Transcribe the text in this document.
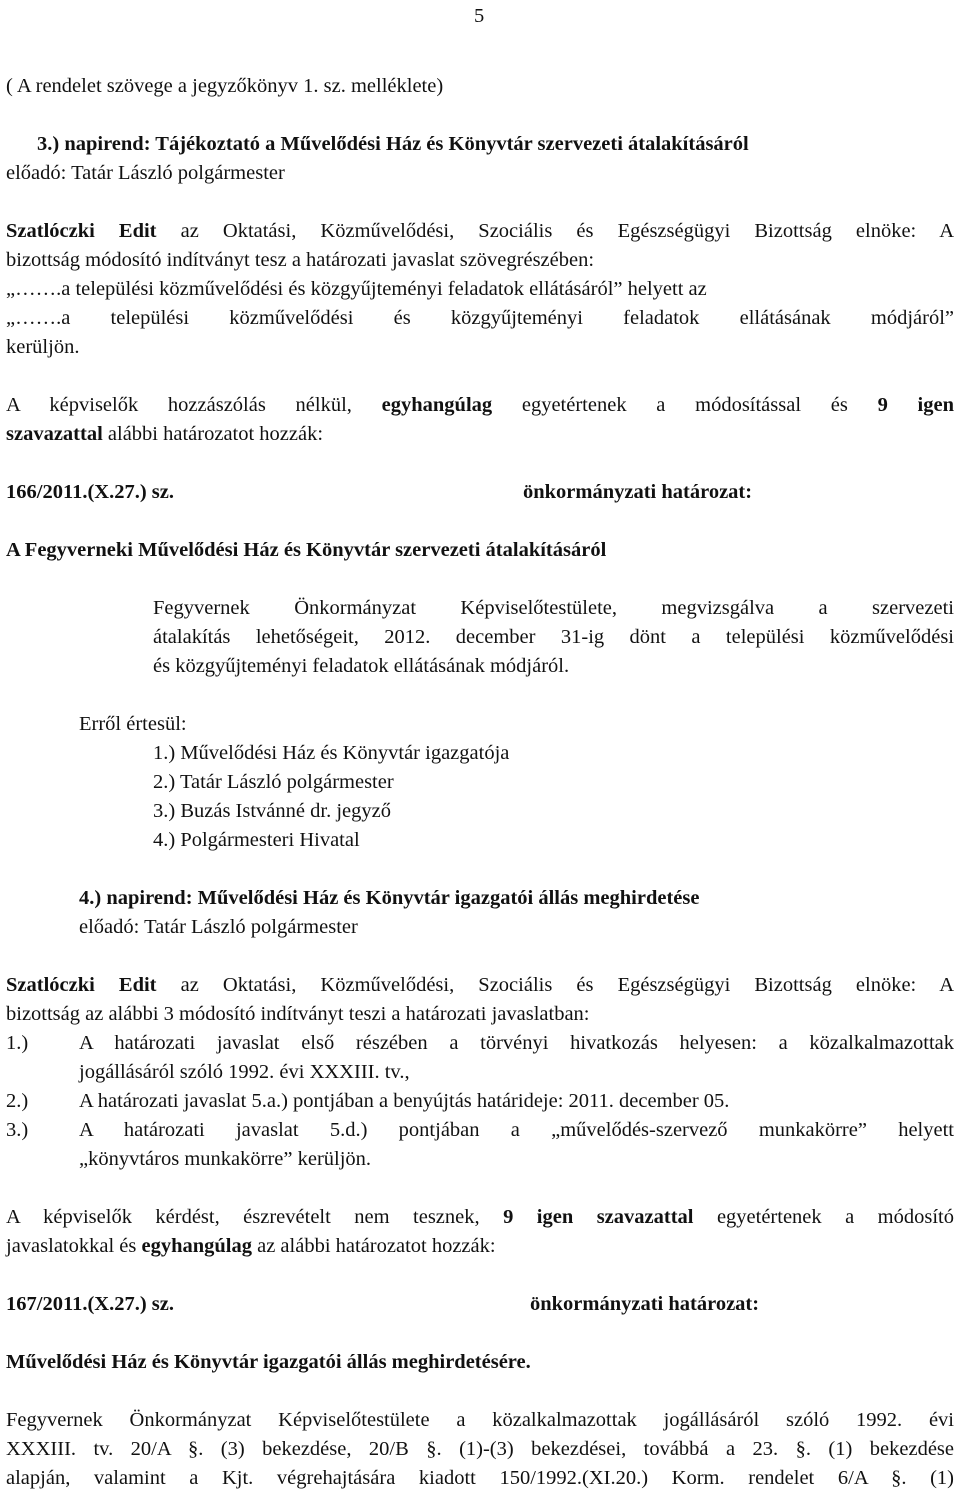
5
( A rendelet szövege a jegyzőkönyv 1. sz. melléklete)
3.) napirend: Tájékoztató a Művelődési Ház és Könyvtár szervezeti átalakításáról
előadó: Tatár László polgármester
Szatlóczki Edit az Oktatási, Közművelődési, Szociális és Egészségügyi Bizottság elnöke: A
bizottság módosító indítványt tesz a határozati javaslat szövegrészében:
„…….a települési közművelődési és közgyűjteményi feladatok ellátásáról” helyett az
„…….a települési közművelődési és közgyűjteményi feladatok ellátásának módjáról”
kerüljön.
A képviselők hozzászólás nélkül, egyhangúlag egyetértenek a módosítással és 9 igen
szavazattal alábbi határozatot hozzák:
166/2011.(X.27.) sz.	önkormányzati határozat:
A Fegyverneki Művelődési Ház és Könyvtár szervezeti átalakításáról
Fegyvernek Önkormányzat Képviselőtestülete, megvizsgálva a szervezeti
átalakítás lehetőségeit, 2012. december 31-ig dönt a települési közművelődési
és közgyűjteményi feladatok ellátásának módjáról.
Erről értesül:
1.) Művelődési Ház és Könyvtár igazgatója
2.) Tatár László polgármester
3.) Buzás Istvánné dr. jegyző
4.) Polgármesteri Hivatal
4.) napirend: Művelődési Ház és Könyvtár igazgatói állás meghirdetése
előadó: Tatár László polgármester
Szatlóczki Edit az Oktatási, Közművelődési, Szociális és Egészségügyi Bizottság elnöke: A
bizottság az alábbi 3 módosító indítványt teszi a határozati javaslatban:
1.) A határozati javaslat első részében a törvényi hivatkozás helyesen: a közalkalmazottak
jogállásáról szóló 1992. évi XXXIII. tv.,
2.) A határozati javaslat 5.a.) pontjában a benyújtás határideje: 2011. december 05.
3.) A határozati javaslat 5.d.) pontjában a „művelődés-szervező munkakörre” helyett
„könyvtáros munkakörre” kerüljön.
A képviselők kérdést, észrevételt nem tesznek, 9 igen szavazattal egyetértenek a módosító
javaslatokkal és egyhangúlag az alábbi határozatot hozzák:
167/2011.(X.27.) sz.	önkormányzati határozat:
Művelődési Ház és Könyvtár igazgatói állás meghirdetésére.
Fegyvernek Önkormányzat Képviselőtestülete a közalkalmazottak jogállásáról szóló 1992. évi
XXXIII. tv. 20/A §. (3) bekezdése, 20/B §. (1)-(3) bekezdései, továbbá a 23. §. (1) bekezdése
alapján, valamint a Kjt. végrehajtására kiadott 150/1992.(XI.20.) Korm. rendelet 6/A §. (1)
